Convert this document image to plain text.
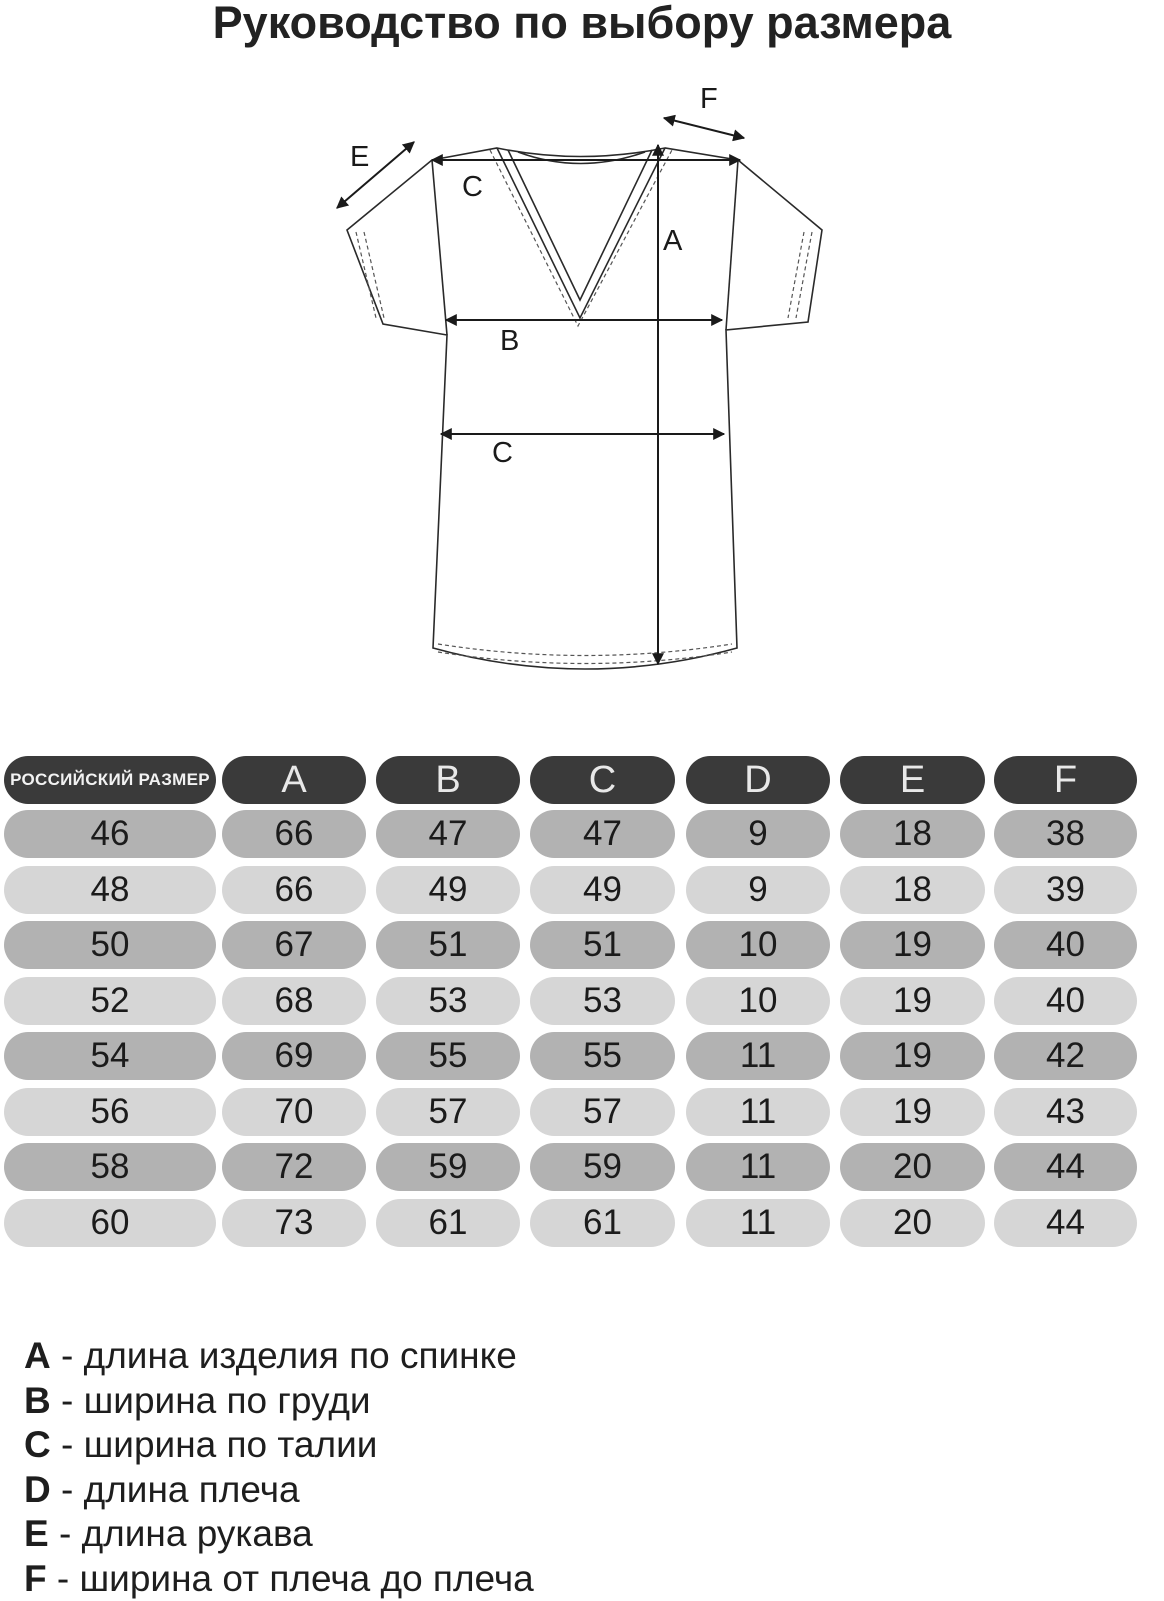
Руководство по выбору размера
A
B
C
C
E
F
РОССИЙСКИЙ РАЗМЕР	A	B	C	D	E	F
46	66	47	47	9	18	38
48	66	49	49	9	18	39
50	67	51	51	10	19	40
52	68	53	53	10	19	40
54	69	55	55	11	19	42
56	70	57	57	11	19	43
58	72	59	59	11	20	44
60	73	61	61	11	20	44
A - длина изделия по спинке
B - ширина по груди
C - ширина по талии
D - длина плеча
E - длина рукава
F - ширина от плеча до плеча
